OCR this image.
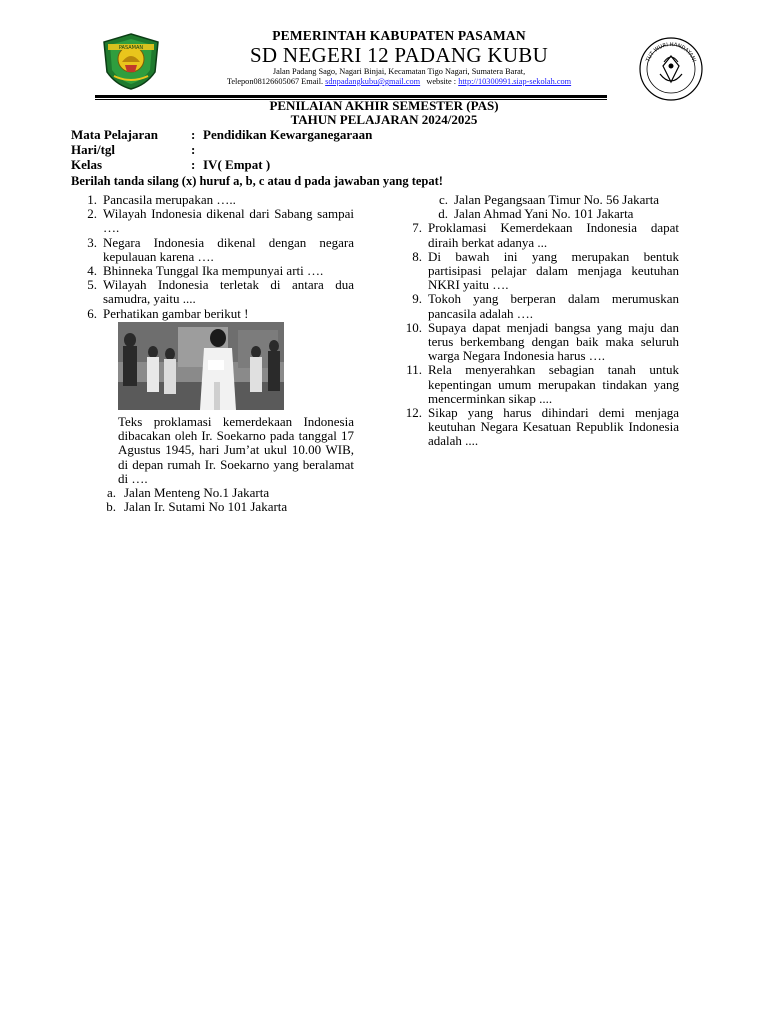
PASAMAN
PEMERINTAH KABUPATEN PASAMAN
SD NEGERI 12 PADANG KUBU
Jalan Padang Sago, Nagari Binjai, Kecamatan Tigo Nagari, Sumatera Barat,
Telepon08126605067 Email. sdnpadangkubu@gmail.com website : http://10300991.siap-sekolah.com
TUT WURI HANDAYANI
PENILAIAN AKHIR SEMESTER (PAS)
TAHUN PELAJARAN 2024/2025
Mata Pelajaran	: Pendidikan Kewarganegaraan
Hari/tgl	:
Kelas	: IV( Empat )
Berilah tanda silang (x) huruf a, b, c atau d pada jawaban yang tepat!
1. Pancasila merupakan …..
2. Wilayah Indonesia dikenal dari Sabang sampai ….
3. Negara Indonesia dikenal dengan negara kepulauan karena ….
4. Bhinneka Tunggal Ika mempunyai arti ….
5. Wilayah Indonesia terletak di antara dua samudra, yaitu ....
6. Perhatikan gambar berikut !
Teks proklamasi kemerdekaan Indonesia dibacakan oleh Ir. Soekarno pada tanggal 17 Agustus 1945, hari Jum’at ukul 10.00 WIB, di depan rumah Ir. Soekarno yang beralamat di ….
a. Jalan Menteng No.1 Jakarta
b. Jalan Ir. Sutami No 101 Jakarta
c. Jalan Pegangsaan Timur No. 56 Jakarta
d. Jalan Ahmad Yani No. 101 Jakarta
7. Proklamasi Kemerdekaan Indonesia dapat diraih berkat adanya ...
8. Di bawah ini yang merupakan bentuk partisipasi pelajar dalam menjaga keutuhan NKRI yaitu ….
9. Tokoh yang berperan dalam merumuskan pancasila adalah ….
10. Supaya dapat menjadi bangsa yang maju dan terus berkembang dengan baik maka seluruh warga Negara Indonesia harus ….
11. Rela menyerahkan sebagian tanah untuk kepentingan umum merupakan tindakan yang mencerminkan sikap ....
12. Sikap yang harus dihindari demi menjaga keutuhan Negara Kesatuan Republik Indonesia adalah ....
